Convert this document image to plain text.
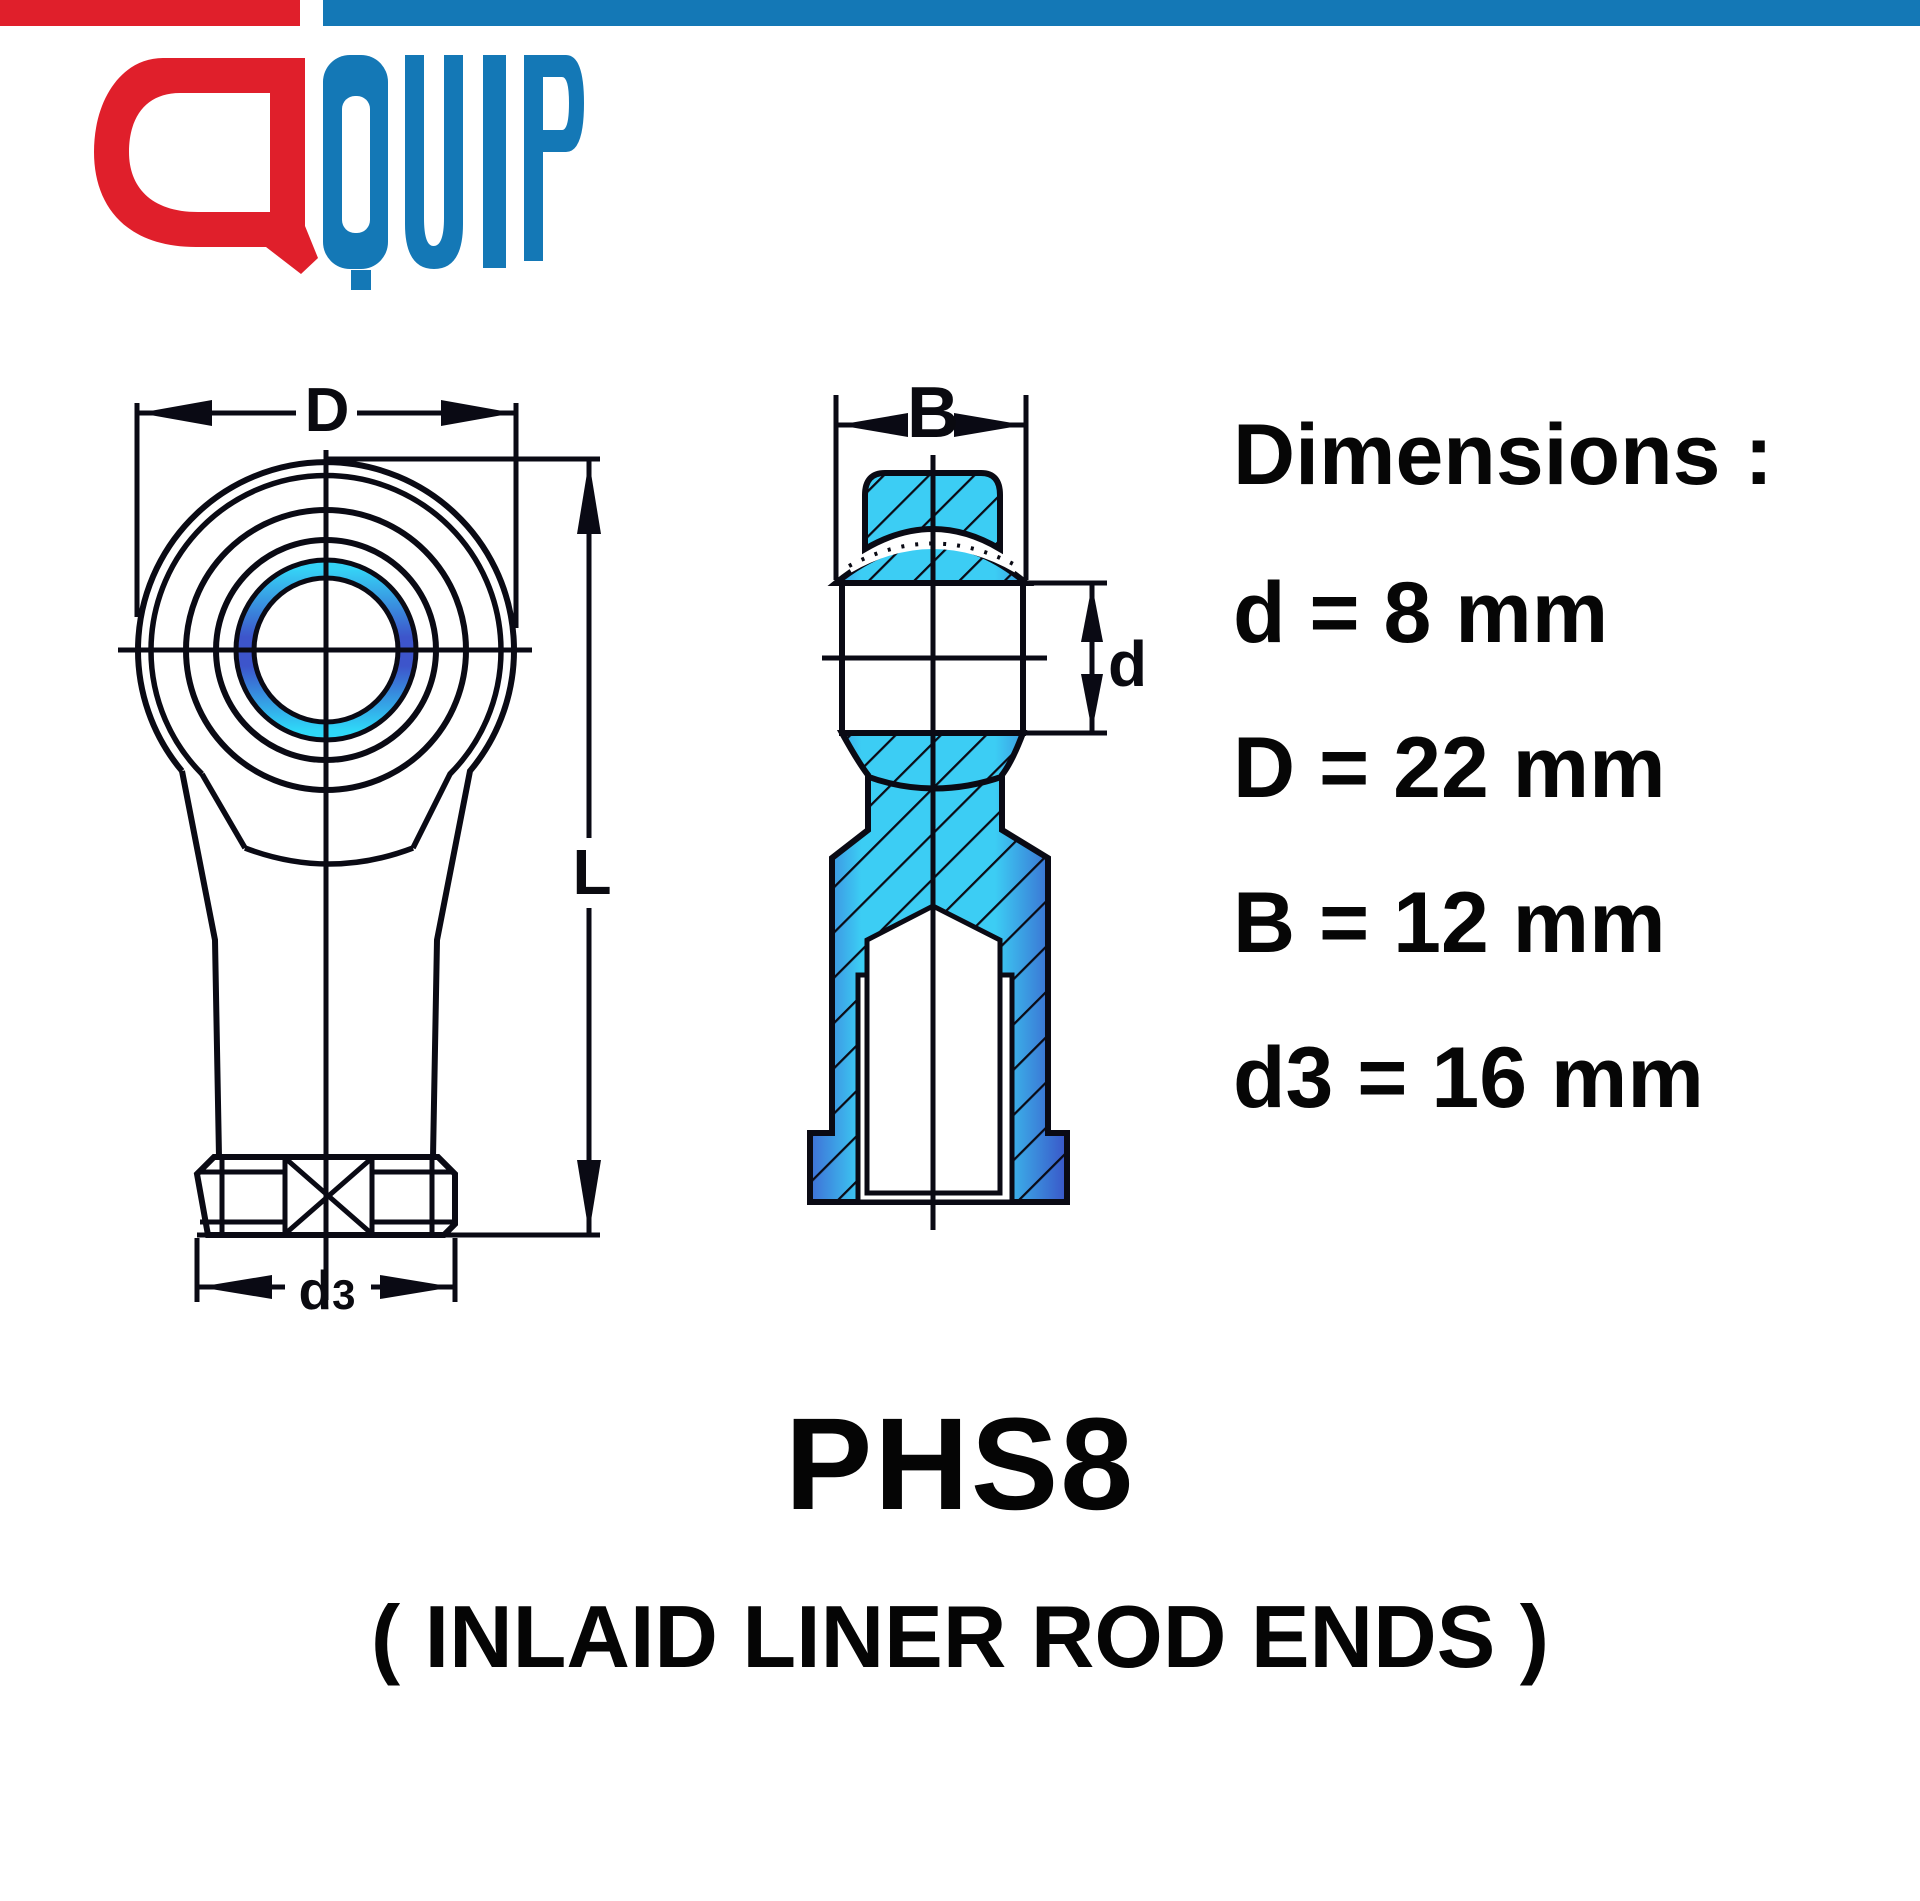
D
L
d3
B
d
Dimensions :
d = 8 mm
D = 22 mm
B = 12 mm
d3 = 16 mm
PHS8
( INLAID LINER ROD ENDS )
